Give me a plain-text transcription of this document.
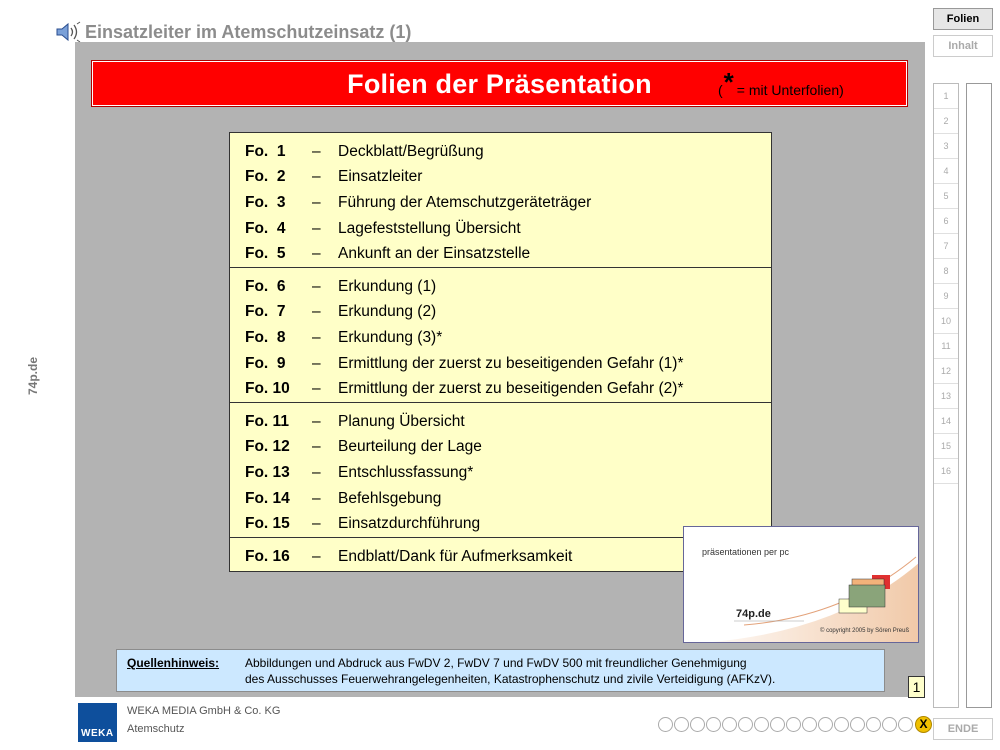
Einsatzleiter im Atemschutzeinsatz (1)
74p.de
Folien der Präsentation	( * = mit Unterfolien)
Fo.  1	–	Deckblatt/Begrüßung
Fo.  2	–	Einsatzleiter
Fo.  3	–	Führung der Atemschutzgeräteträger
Fo.  4	–	Lagefeststellung Übersicht
Fo.  5	–	Ankunft an der Einsatzstelle
Fo.  6	–	Erkundung (1)
Fo.  7	–	Erkundung (2)
Fo.  8	–	Erkundung (3)*
Fo.  9	–	Ermittlung der zuerst zu beseitigenden Gefahr (1)*
Fo. 10	–	Ermittlung der zuerst zu beseitigenden Gefahr (2)*
Fo. 11	–	Planung Übersicht
Fo. 12	–	Beurteilung der Lage
Fo. 13	–	Entschlussfassung*
Fo. 14	–	Befehlsgebung
Fo. 15	–	Einsatzdurchführung
Fo. 16	–	Endblatt/Dank für Aufmerksamkeit	präsentationen per pc
74p.de
© copyright 2005 by Sören Preuß
Quellenhinweis: Abbildungen und Abdruck aus FwDV 2, FwDV 7 und FwDV 500 mit freundlicher Genehmigung
des Ausschusses Feuerwehrangelegenheiten, Katastrophenschutz und zivile Verteidigung (AFKzV).	1
WEKA
WEKA MEDIA GmbH & Co. KG
Atemschutz	X
Folien
Inhalt
1
2
3
4
5
6
7
8
9
10
11
12
13
14
15
16
ENDE
